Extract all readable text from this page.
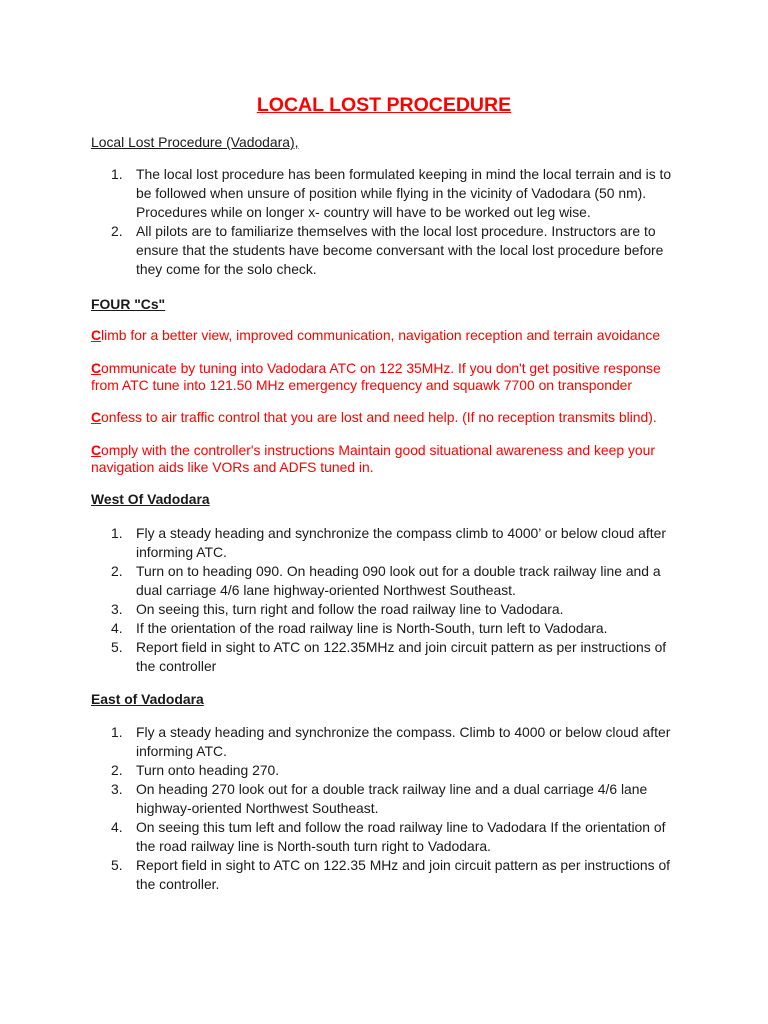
LOCAL LOST PROCEDURE
Local Lost Procedure (Vadodara),
1. The local lost procedure has been formulated keeping in mind the local terrain and is to be followed when unsure of position while flying in the vicinity of Vadodara (50 nm). Procedures while on longer x- country will have to be worked out leg wise.
2. All pilots are to familiarize themselves with the local lost procedure. Instructors are to ensure that the students have become conversant with the local lost procedure before they come for the solo check.
FOUR "Cs"
Climb for a better view, improved communication, navigation reception and terrain avoidance
Communicate by tuning into Vadodara ATC on 122 35MHz. If you don't get positive response from ATC tune into 121.50 MHz emergency frequency and squawk 7700 on transponder
Confess to air traffic control that you are lost and need help. (If no reception transmits blind).
Comply with the controller's instructions Maintain good situational awareness and keep your navigation aids like VORs and ADFS tuned in.
West Of Vadodara
1. Fly a steady heading and synchronize the compass climb to 4000’ or below cloud after informing ATC.
2. Turn on to heading 090. On heading 090 look out for a double track railway line and a dual carriage 4/6 lane highway-oriented Northwest Southeast.
3. On seeing this, turn right and follow the road railway line to Vadodara.
4. If the orientation of the road railway line is North-South, turn left to Vadodara.
5. Report field in sight to ATC on 122.35MHz and join circuit pattern as per instructions of the controller
East of Vadodara
1. Fly a steady heading and synchronize the compass. Climb to 4000 or below cloud after informing ATC.
2. Turn onto heading 270.
3. On heading 270 look out for a double track railway line and a dual carriage 4/6 lane highway-oriented Northwest Southeast.
4. On seeing this tum left and follow the road railway line to Vadodara If the orientation of the road railway line is North-south turn right to Vadodara.
5. Report field in sight to ATC on 122.35 MHz and join circuit pattern as per instructions of the controller.
